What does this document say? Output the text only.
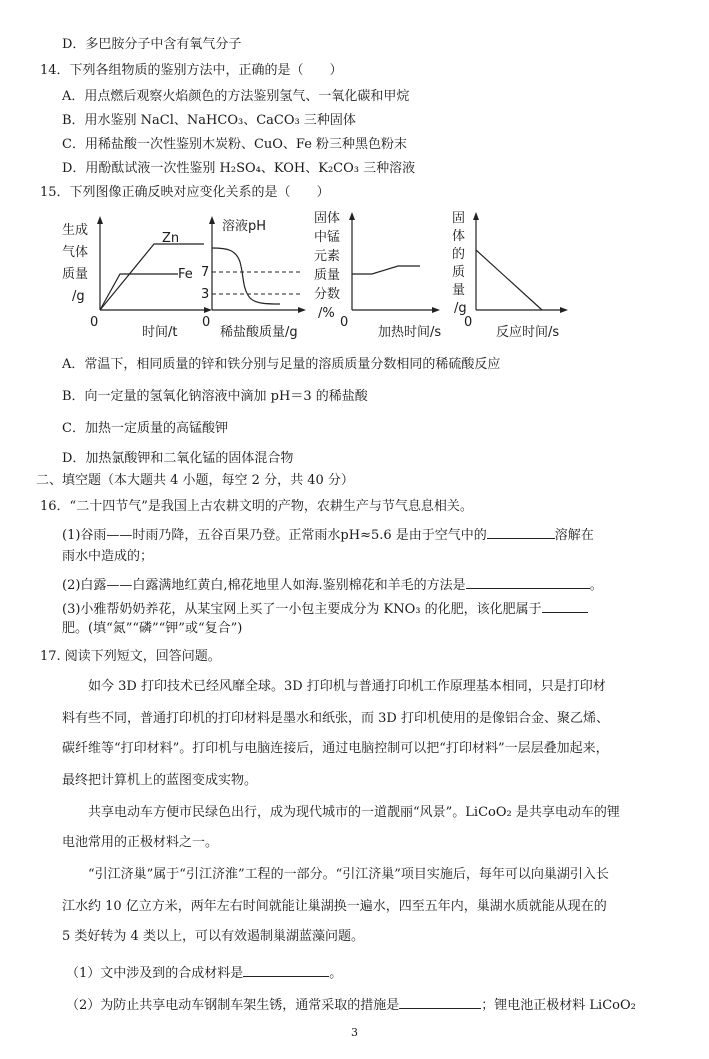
D．多巴胺分子中含有氧气分子
14．下列各组物质的鉴别方法中，正确的是（　　）
A．用点燃后观察火焰颜色的方法鉴别氢气、一氧化碳和甲烷
B．用水鉴别 NaCl、NaHCO₃、CaCO₃ 三种固体
C．用稀盐酸一次性鉴别木炭粉、CuO、Fe 粉三种黑色粉末
D．用酚酞试液一次性鉴别 H₂SO₄、KOH、K₂CO₃ 三种溶液
15．下列图像正确反映对应变化关系的是（　　）
生成
气体
质量
/g
Zn
Fe
0
时间/t
溶液pH
7
3
0
稀盐酸质量/g
固体
中锰
元素
质量
分数
/%
0
加热时间/s
固
体
的
质
量
/g
0
反应时间/s
A．常温下，相同质量的锌和铁分别与足量的溶质质量分数相同的稀硫酸反应
B．向一定量的氢氧化钠溶液中滴加 pH＝3 的稀盐酸
C．加热一定质量的高锰酸钾
D．加热氯酸钾和二氧化锰的固体混合物
二、填空题（本大题共 4 小题，每空 2 分，共 40 分）
16．“二十四节气”是我国上古农耕文明的产物，农耕生产与节气息息相关。
(1)谷雨——时雨乃降，五谷百果乃登。正常雨水pH≈5.6 是由于空气中的	溶解在
雨水中造成的；
(2)白露——白露满地红黄白,棉花地里人如海.鉴别棉花和羊毛的方法是	。
(3)小雅帮奶奶养花，从某宝网上买了一小包主要成分为 KNO₃ 的化肥，该化肥属于
肥。(填“氮”“磷”“钾”或“复合”)
17. 阅读下列短文，回答问题。
如今 3D 打印技术已经风靡全球。3D 打印机与普通打印机工作原理基本相同，只是打印材
料有些不同，普通打印机的打印材料是墨水和纸张，而 3D 打印机使用的是像铝合金、聚乙烯、
碳纤维等“打印材料”。打印机与电脑连接后，通过电脑控制可以把“打印材料”一层层叠加起来，
最终把计算机上的蓝图变成实物。
共享电动车方便市民绿色出行，成为现代城市的一道靓丽“风景”。LiCoO₂ 是共享电动车的锂
电池常用的正极材料之一。
“引江济巢”属于“引江济淮”工程的一部分。“引江济巢”项目实施后，每年可以向巢湖引入长
江水约 10 亿立方米，两年左右时间就能让巢湖换一遍水，四至五年内，巢湖水质就能从现在的
5 类好转为 4 类以上，可以有效遏制巢湖蓝藻问题。
（1）文中涉及到的合成材料是	。
（2）为防止共享电动车钢制车架生锈，通常采取的措施是	；锂电池正极材料 LiCoO₂
3
